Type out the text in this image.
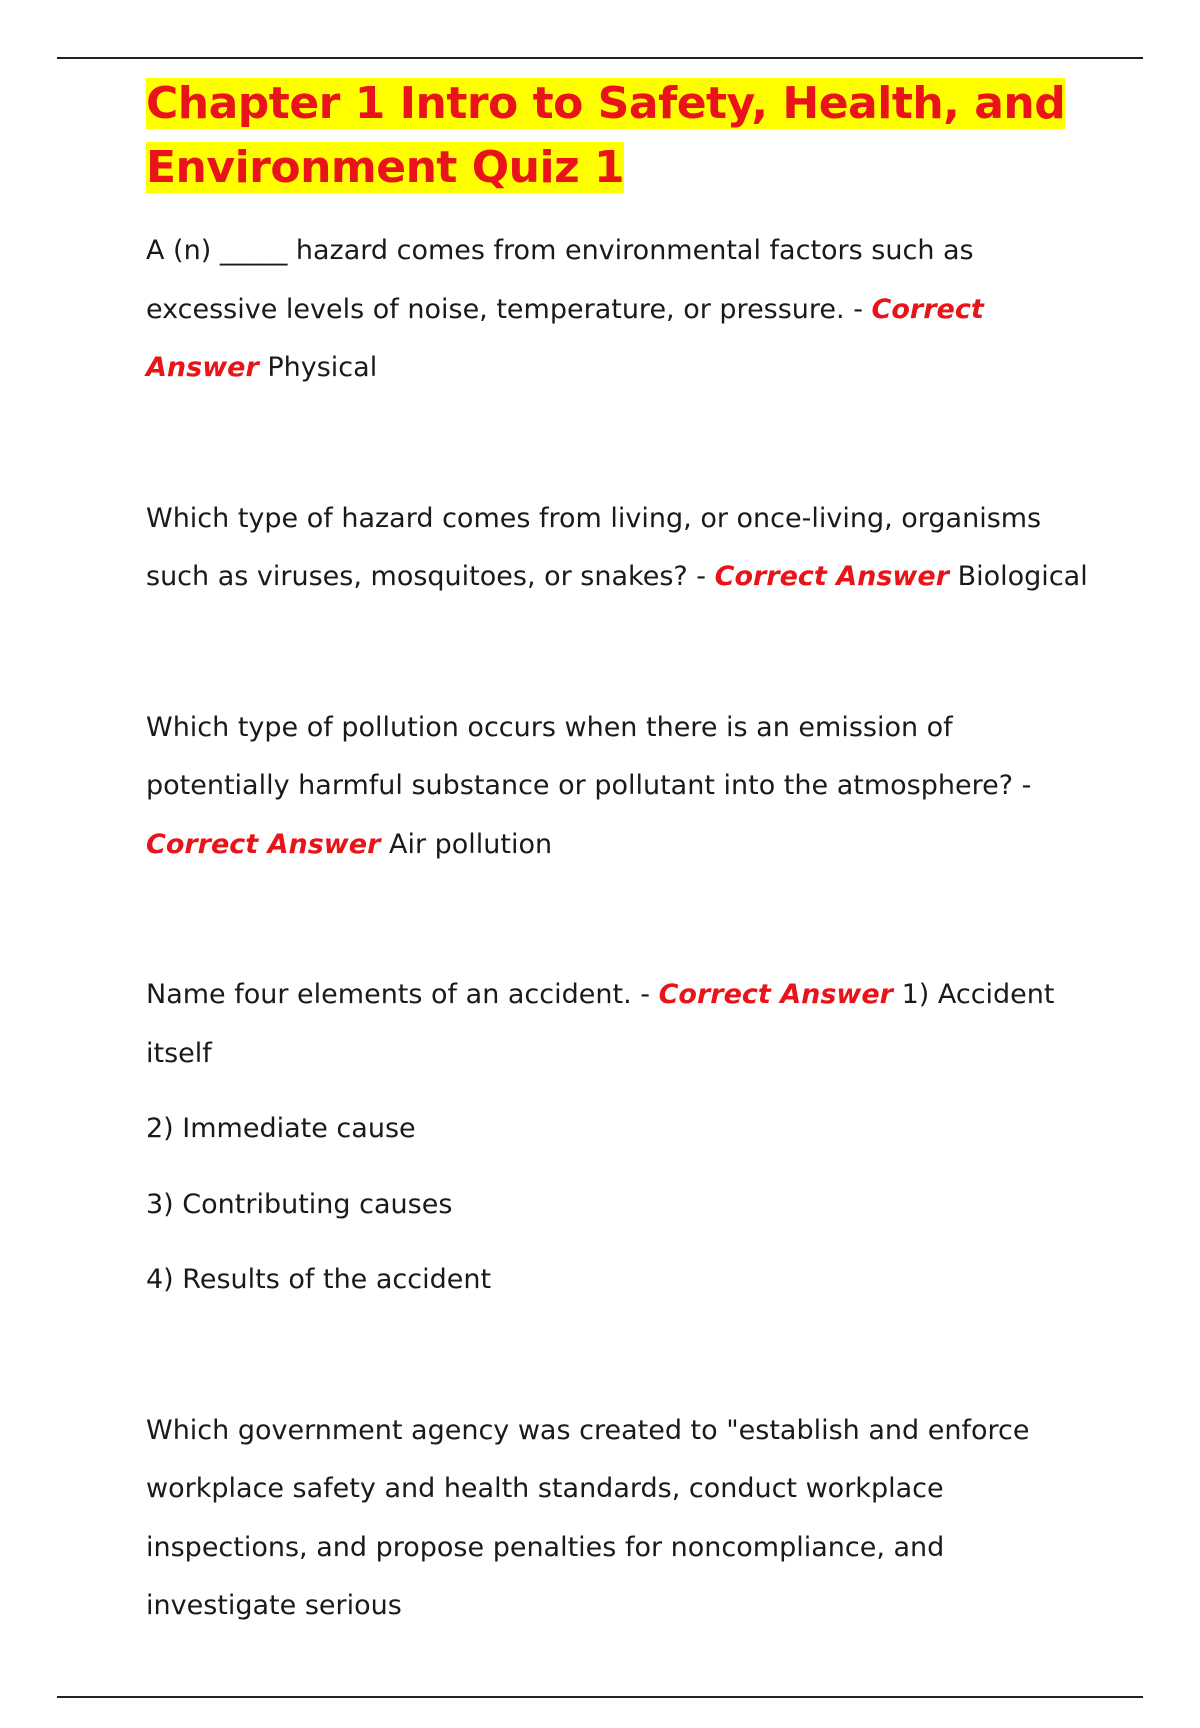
Chapter 1 Intro to Safety, Health, and Environment Quiz 1

A (n) _____ hazard comes from environmental factors such as excessive levels of noise, temperature, or pressure. - Correct Answer Physical

Which type of hazard comes from living, or once-living, organisms such as viruses, mosquitoes, or snakes? - Correct Answer Biological

Which type of pollution occurs when there is an emission of potentially harmful substance or pollutant into the atmosphere? - Correct Answer Air pollution

Name four elements of an accident. - Correct Answer 1) Accident itself

2) Immediate cause

3) Contributing causes

4) Results of the accident

Which government agency was created to "establish and enforce workplace safety and health standards, conduct workplace inspections, and propose penalties for noncompliance, and investigate serious
